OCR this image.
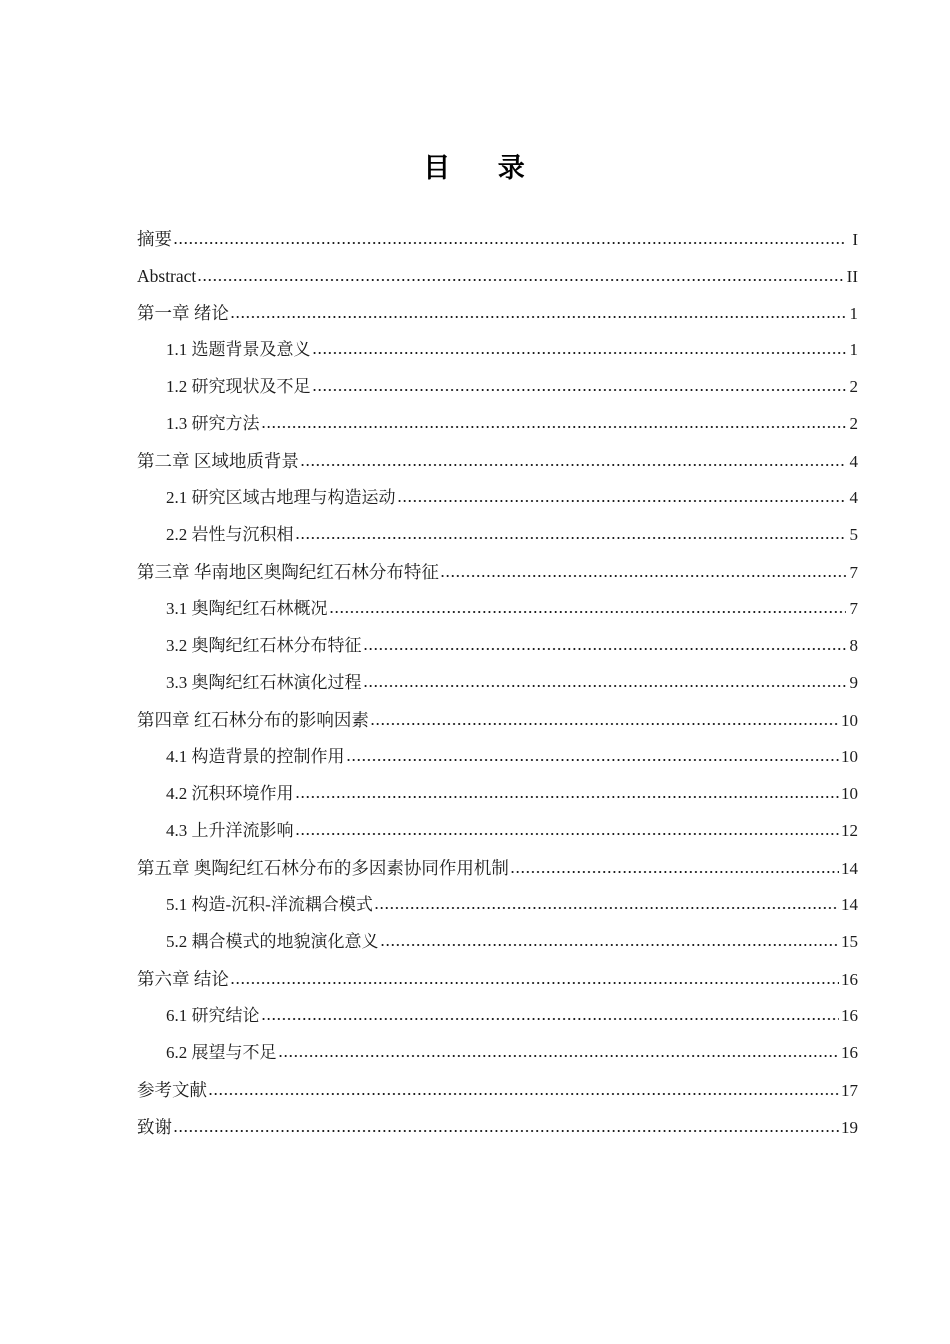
目    录
摘要	I
Abstract	II
第一章 绪论	1
1.1 选题背景及意义	1
1.2 研究现状及不足	2
1.3 研究方法	2
第二章 区域地质背景	4
2.1 研究区域古地理与构造运动	4
2.2 岩性与沉积相	5
第三章 华南地区奥陶纪红石林分布特征	7
3.1 奥陶纪红石林概况	7
3.2 奥陶纪红石林分布特征	8
3.3 奥陶纪红石林演化过程	9
第四章 红石林分布的影响因素	10
4.1 构造背景的控制作用	10
4.2 沉积环境作用	10
4.3 上升洋流影响	12
第五章 奥陶纪红石林分布的多因素协同作用机制	14
5.1 构造-沉积-洋流耦合模式	14
5.2 耦合模式的地貌演化意义	15
第六章 结论	16
6.1 研究结论	16
6.2 展望与不足	16
参考文献	17
致谢	19
